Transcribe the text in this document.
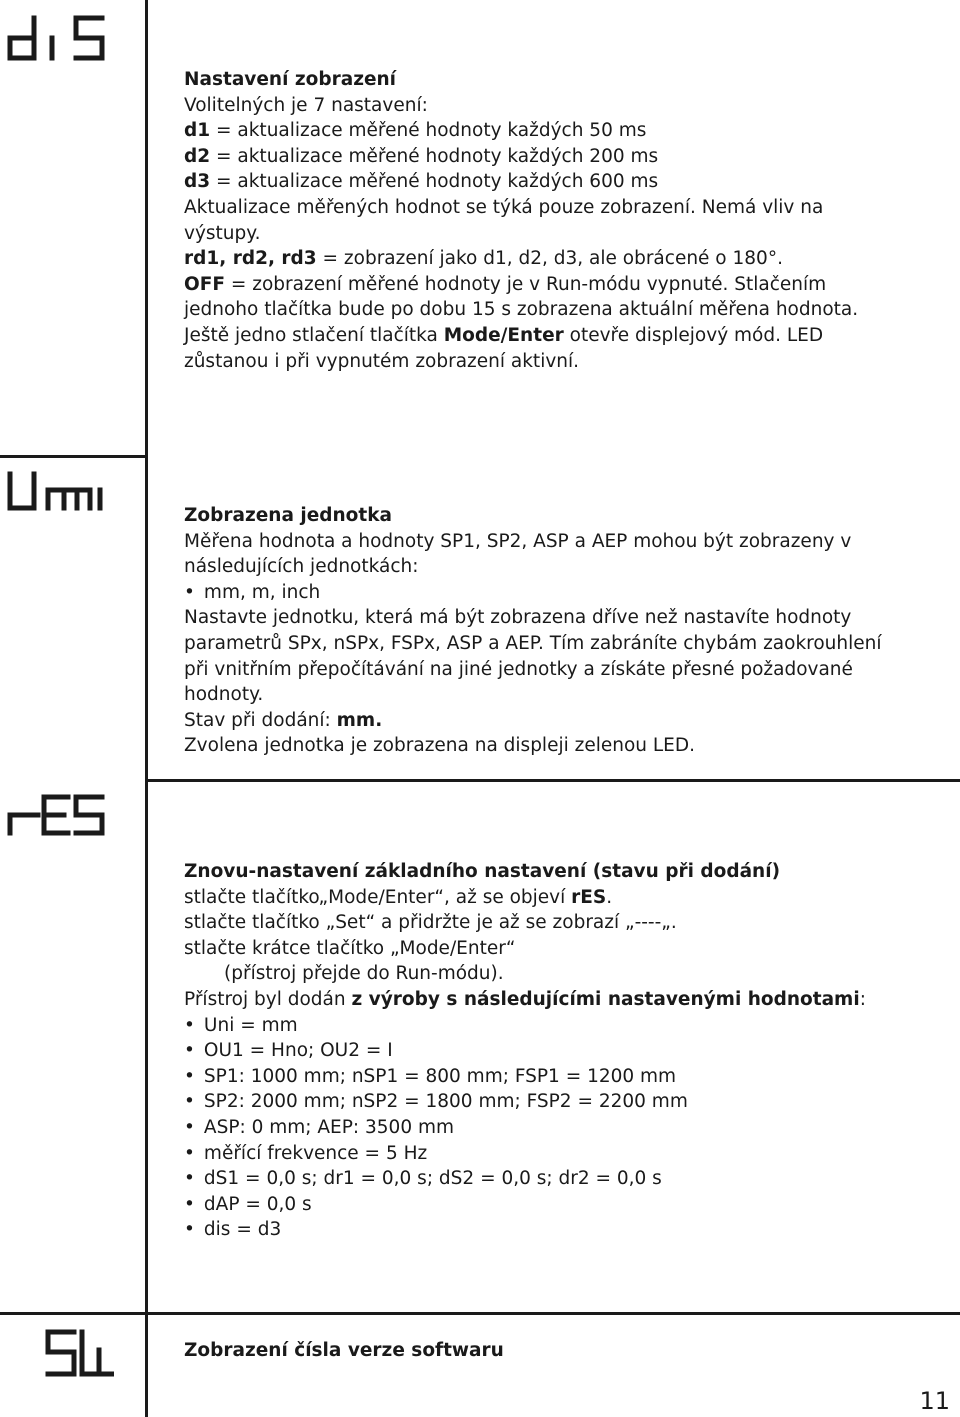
Nastavení zobrazení

Volitelných je 7 nastavení:

d1 = aktualizace měřené hodnoty každých 50 ms

d2 = aktualizace měřené hodnoty každých 200 ms

d3 = aktualizace měřené hodnoty každých 600 ms

Aktualizace měřených hodnot se týká pouze zobrazení. Nemá vliv na

výstupy.

rd1, rd2, rd3 = zobrazení jako d1, d2, d3, ale obrácené o 180°.

OFF = zobrazení měřené hodnoty je v Run-módu vypnuté. Stlačením

jednoho tlačítka bude po dobu 15 s zobrazena aktuální měřena hodnota.

Ještě jedno stlačení tlačítka Mode/Enter otevře displejový mód. LED

zůstanou i při vypnutém zobrazení aktivní.

Zobrazena jednotka

Měřena hodnota a hodnoty SP1, SP2, ASP a AEP mohou být zobrazeny v

následujících jednotkách:

• mm, m, inch

Nastavte jednotku, která má být zobrazena dříve než nastavíte hodnoty

parametrů SPx, nSPx, FSPx, ASP a AEP. Tím zabráníte chybám zaokrouhlení

při vnitřním přepočítávání na jiné jednotky a získáte přesné požadované

hodnoty.

Stav při dodání: mm.

Zvolena jednotka je zobrazena na displeji zelenou LED.

Znovu-nastavení základního nastavení (stavu při dodání)

stlačte tlačítko„Mode/Enter“, až se objeví rES.

stlačte tlačítko „Set“ a přidržte je až se zobrazí „----„.

stlačte krátce tlačítko „Mode/Enter“

(přístroj přejde do Run-módu).

Přístroj byl dodán z výroby s následujícími nastavenými hodnotami:

• Uni = mm

• OU1 = Hno; OU2 = I

• SP1: 1000 mm; nSP1 = 800 mm; FSP1 = 1200 mm

• SP2: 2000 mm; nSP2 = 1800 mm; FSP2 = 2200 mm

• ASP: 0 mm; AEP: 3500 mm

• měřící frekvence = 5 Hz

• dS1 = 0,0 s; dr1 = 0,0 s; dS2 = 0,0 s; dr2 = 0,0 s

• dAP = 0,0 s

• dis = d3

Zobrazení čísla verze softwaru

11
